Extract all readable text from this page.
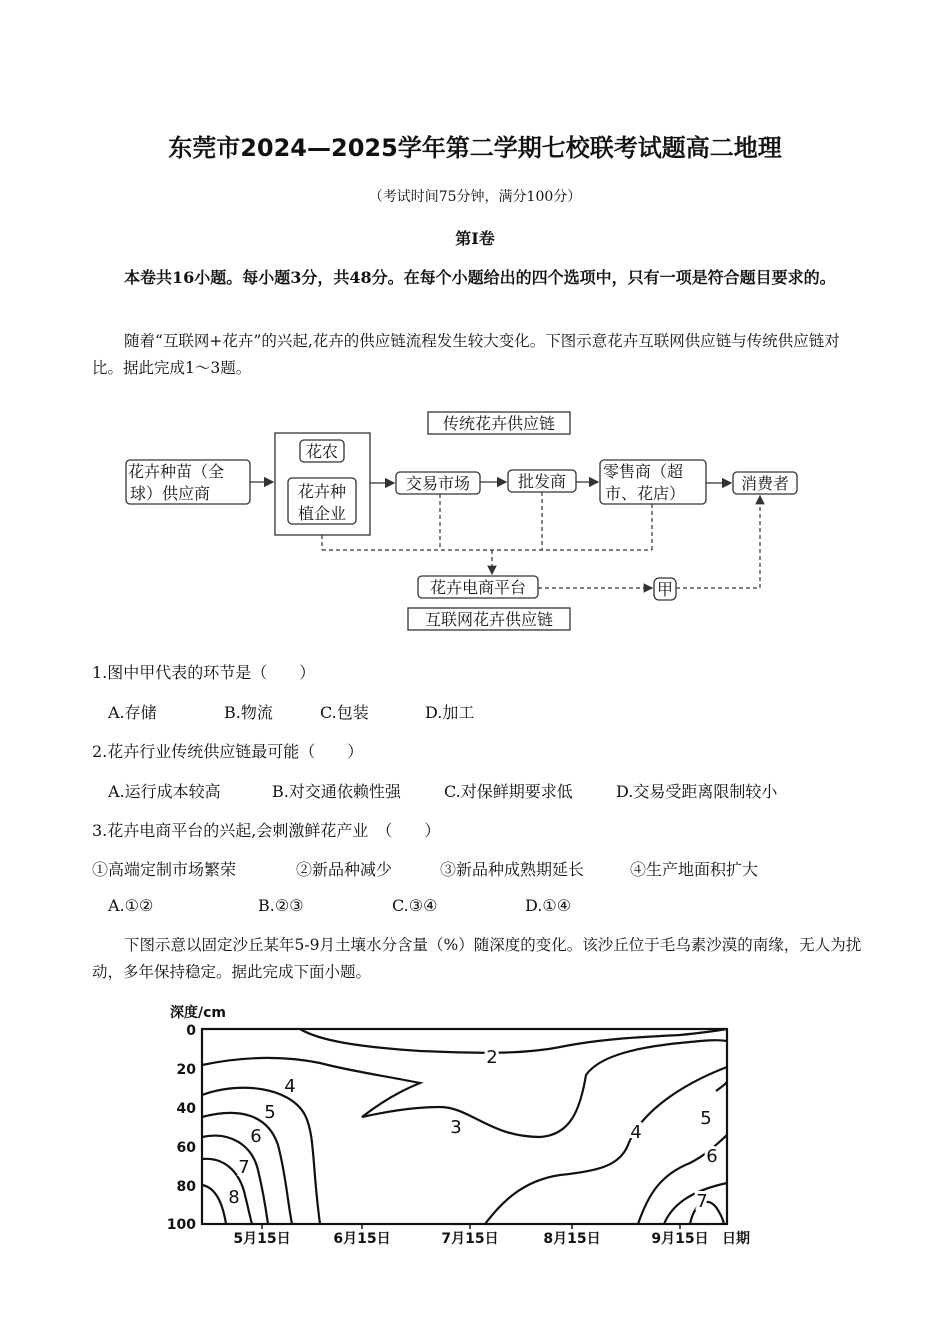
东莞市2024—2025学年第二学期七校联考试题高二地理
（考试时间75分钟，满分100分）
第Ⅰ卷
本卷共16小题。每小题3分，共48分。在每个小题给出的四个选项中，只有一项是符合题目要求的。
随着“互联网+花卉”的兴起,花卉的供应链流程发生较大变化。下图示意花卉互联网供应链与传统供应链对比。据此完成1～3题。
传统花卉供应链
花卉种苗（全
球）供应商
花农
花卉种
植企业
交易市场	批发商
零售商（超
市、花店）
消费者
花卉电商平台	甲
互联网花卉供应链
1.图中甲代表的环节是（　　）
A.存储	B.物流	C.包装	D.加工
2.花卉行业传统供应链最可能（　　）
A.运行成本较高	B.对交通依赖性强	C.对保鲜期要求低	D.交易受距离限制较小
3.花卉电商平台的兴起,会刺激鲜花产业　（　　）
①高端定制市场繁荣	②新品种减少	③新品种成熟期延长	④生产地面积扩大
A.①②	B.②③	C.③④	D.①④
下图示意以固定沙丘某年5-9月土壤水分含量（%）随深度的变化。该沙丘位于毛乌素沙漠的南缘，无人为扰动，多年保持稳定。据此完成下面小题。
深度/cm
日期
0
20
40
60
80
100
5月15日	6月15日	7月15日	8月15日	9月15日
2
3
4
4
5	5
6
6
7
7
8
